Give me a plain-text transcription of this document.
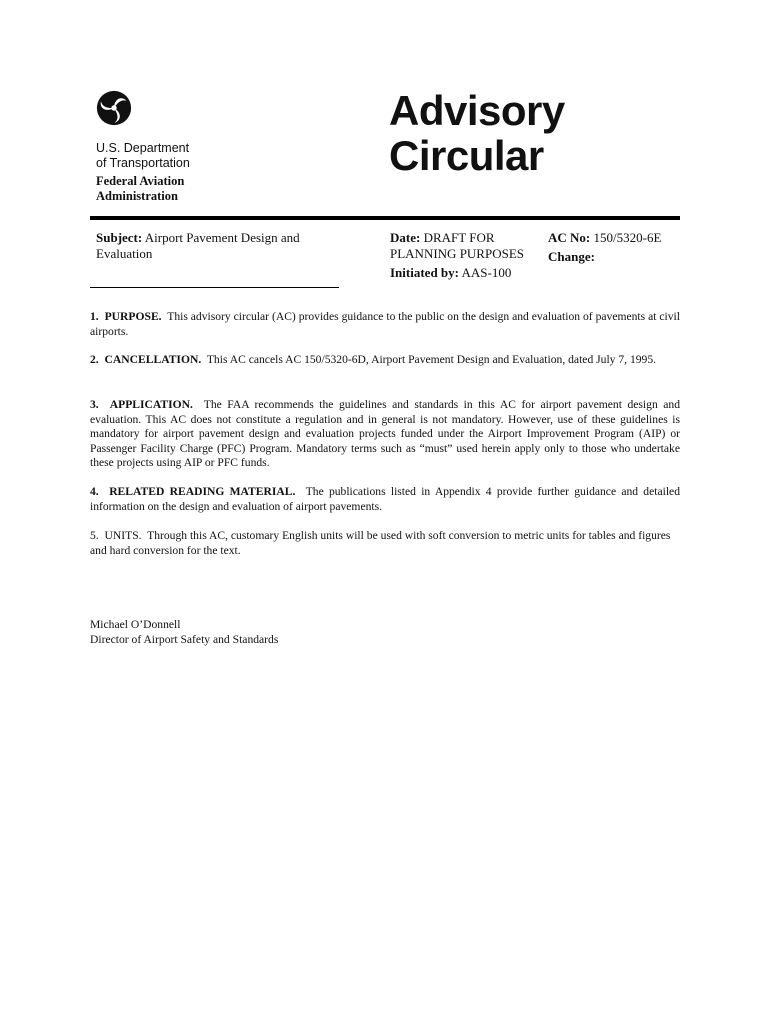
U.S. Department
of Transportation
Federal Aviation
Administration
Advisory
Circular
Subject: Airport Pavement Design and Evaluation
Date: DRAFT FOR PLANNING PURPOSES
Initiated by: AAS-100
AC No: 150/5320-6E
Change:
1. PURPOSE. This advisory circular (AC) provides guidance to the public on the design and evaluation of pavements at civil airports.
2. CANCELLATION. This AC cancels AC 150/5320-6D, Airport Pavement Design and Evaluation, dated July 7, 1995.
3. APPLICATION. The FAA recommends the guidelines and standards in this AC for airport pavement design and evaluation. This AC does not constitute a regulation and in general is not mandatory. However, use of these guidelines is mandatory for airport pavement design and evaluation projects funded under the Airport Improvement Program (AIP) or Passenger Facility Charge (PFC) Program. Mandatory terms such as “must” used herein apply only to those who undertake these projects using AIP or PFC funds.
4. RELATED READING MATERIAL. The publications listed in Appendix 4 provide further guidance and detailed information on the design and evaluation of airport pavements.
5. UNITS. Through this AC, customary English units will be used with soft conversion to metric units for tables and figures and hard conversion for the text.
Michael O’Donnell
Director of Airport Safety and Standards
